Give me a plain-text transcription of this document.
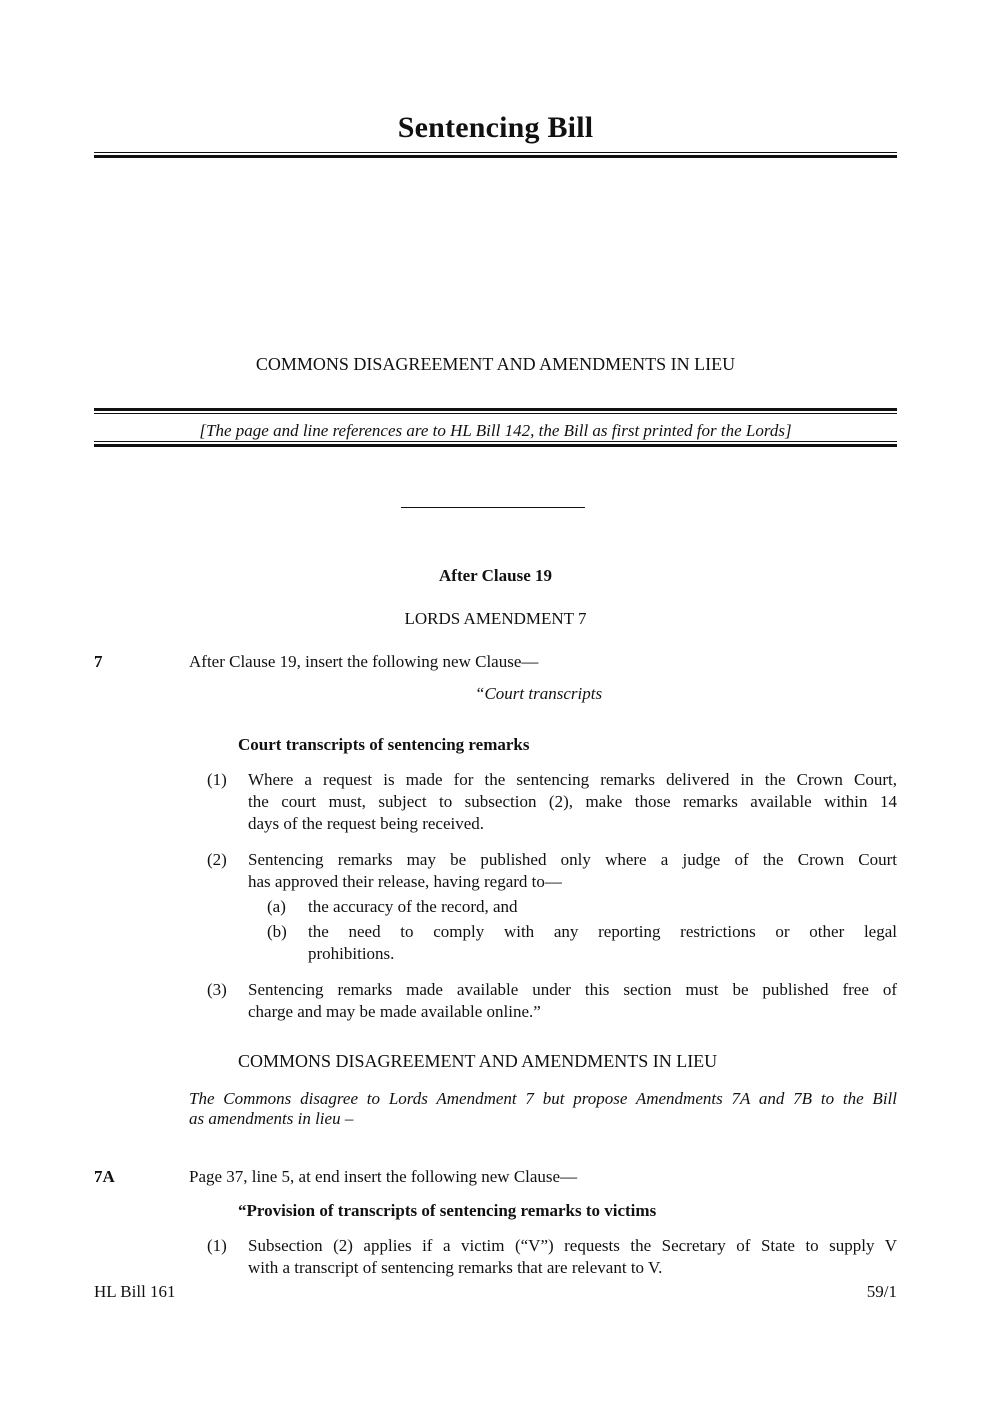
Sentencing Bill
COMMONS DISAGREEMENT AND AMENDMENTS IN LIEU
[The page and line references are to HL Bill 142, the Bill as first printed for the Lords]
After Clause 19
LORDS AMENDMENT 7
7	After Clause 19, insert the following new Clause—
“Court transcripts
Court transcripts of sentencing remarks
(1) Where a request is made for the sentencing remarks delivered in the Crown Court,
the court must, subject to subsection (2), make those remarks available within 14
days of the request being received.
(2) Sentencing remarks may be published only where a judge of the Crown Court
has approved their release, having regard to—
(a) the accuracy of the record, and
(b) the need to comply with any reporting restrictions or other legal
prohibitions.
(3) Sentencing remarks made available under this section must be published free of
charge and may be made available online.”
COMMONS DISAGREEMENT AND AMENDMENTS IN LIEU
The Commons disagree to Lords Amendment 7 but propose Amendments 7A and 7B to the Bill
as amendments in lieu –
7A	Page 37, line 5, at end insert the following new Clause—
“Provision of transcripts of sentencing remarks to victims
(1) Subsection (2) applies if a victim (“V”) requests the Secretary of State to supply V
with a transcript of sentencing remarks that are relevant to V.
HL Bill 161	59/1
